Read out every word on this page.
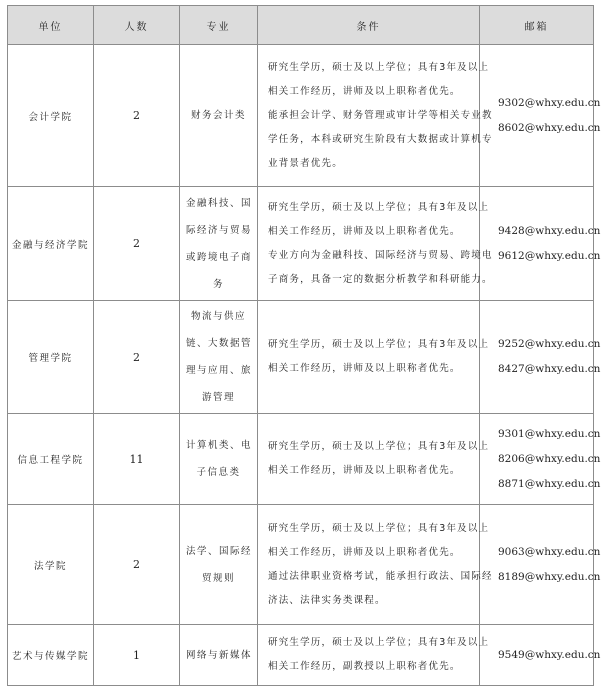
单位	人数	专业	条件	邮箱
会计学院	2	财务会计类	研究生学历，硕士及以上学位；具有3年及以上
相关工作经历，讲师及以上职称者优先。
能承担会计学、财务管理或审计学等相关专业教
学任务，本科或研究生阶段有大数据或计算机专
业背景者优先。	9302@whxy.edu.cn
8602@whxy.edu.cn

金融与经济学院	2	金融科技、国
际经济与贸易
或跨境电子商
务	研究生学历，硕士及以上学位；具有3年及以上
相关工作经历，讲师及以上职称者优先。
专业方向为金融科技、国际经济与贸易、跨境电
子商务，具备一定的数据分析教学和科研能力。	9428@whxy.edu.cn
9612@whxy.edu.cn

管理学院	2	物流与供应
链、大数据管
理与应用、旅
游管理	研究生学历，硕士及以上学位；具有3年及以上
相关工作经历，讲师及以上职称者优先。	9252@whxy.edu.cn
8427@whxy.edu.cn

信息工程学院	11	计算机类、电
子信息类	研究生学历，硕士及以上学位；具有3年及以上
相关工作经历，讲师及以上职称者优先。	9301@whxy.edu.cn
8206@whxy.edu.cn
8871@whxy.edu.cn

法学院	2	法学、国际经
贸规则	研究生学历，硕士及以上学位；具有3年及以上
相关工作经历，讲师及以上职称者优先。
通过法律职业资格考试，能承担行政法、国际经
济法、法律实务类课程。	9063@whxy.edu.cn
8189@whxy.edu.cn

艺术与传媒学院	1	网络与新媒体	研究生学历，硕士及以上学位；具有3年及以上
相关工作经历，副教授以上职称者优先。	9549@whxy.edu.cn
